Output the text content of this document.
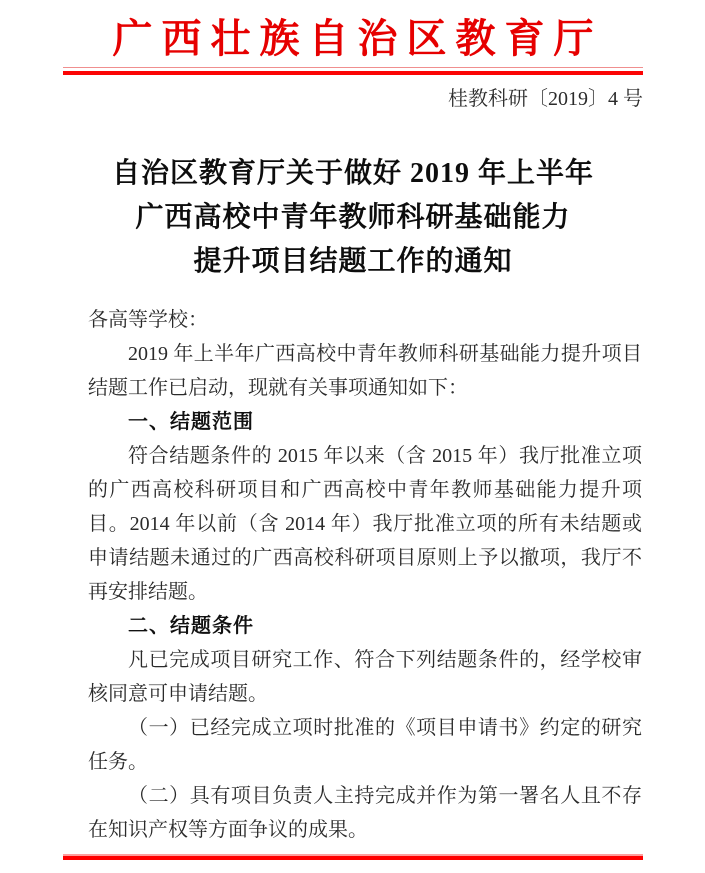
广西壮族自治区教育厅
桂教科研〔2019〕4 号
自治区教育厅关于做好 2019 年上半年
广西高校中青年教师科研基础能力
提升项目结题工作的通知

各高等学校：

2019 年上半年广西高校中青年教师科研基础能力提升项目结题工作已启动，现就有关事项通知如下：

一、结题范围

符合结题条件的 2015 年以来（含 2015 年）我厅批准立项的广西高校科研项目和广西高校中青年教师基础能力提升项目。2014 年以前（含 2014 年）我厅批准立项的所有未结题或申请结题未通过的广西高校科研项目原则上予以撤项，我厅不再安排结题。

二、结题条件

凡已完成项目研究工作、符合下列结题条件的，经学校审核同意可申请结题。

（一）已经完成立项时批准的《项目申请书》约定的研究任务。

（二）具有项目负责人主持完成并作为第一署名人且不存在知识产权等方面争议的成果。
